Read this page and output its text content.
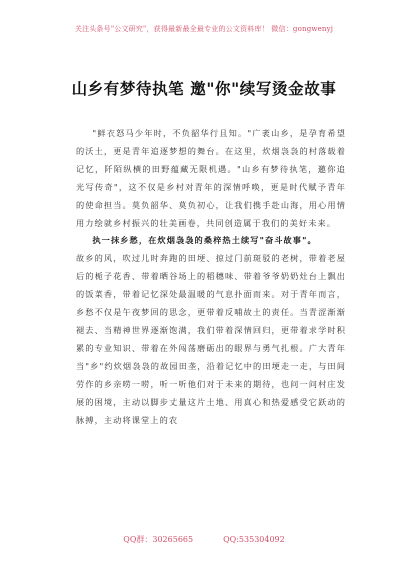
关注头条号"公文研究"，获得最新最全最专业的公文资料库！ 微信：gongwenyj
山乡有梦待执笔 邀"你"续写烫金故事

"鲜衣怒马少年时，不负韶华行且知。"广袤山乡，是孕育希望的沃土，更是青年追逐梦想的舞台。在这里，炊烟袅袅的村落载着记忆，阡陌纵横的田野蕴藏无限机遇。"山乡有梦待执笔，邀你追光写传奇"，这不仅是乡村对青年的深情呼唤，更是时代赋予青年的使命担当。莫负韶华、莫负初心，让我们携手赴山海，用心用情用力绘就乡村振兴的壮美画卷，共同创造属于我们的美好未来。

执一抹乡愁，在炊烟袅袅的桑梓热土续写"奋斗故事"。

故乡的风，吹过儿时奔跑的田埂、掠过门前斑驳的老树，带着老屋后的栀子花香、带着晒谷场上的稻穗味、带着爷爷奶奶灶台上飘出的饭菜香，带着记忆深处最温暖的气息扑面而来。对于青年而言，乡愁不仅是午夜梦回的思念，更带着反哺故土的责任。当青涩渐渐褪去、当精神世界逐渐饱满，我们带着深情回归，更带着求学时积累的专业知识、带着在外闯荡磨砺出的眼界与勇气扎根。广大青年当"乡"约炊烟袅袅的故园田垄，沿着记忆中的田埂走一走，与田间劳作的乡亲唠一唠，听一听他们对于未来的期待，也问一问村庄发展的困境，主动以脚步丈量这片土地、用真心和热爱感受它跃动的脉搏，主动将课堂上的农

QQ群：30265665	QQ:535304092
